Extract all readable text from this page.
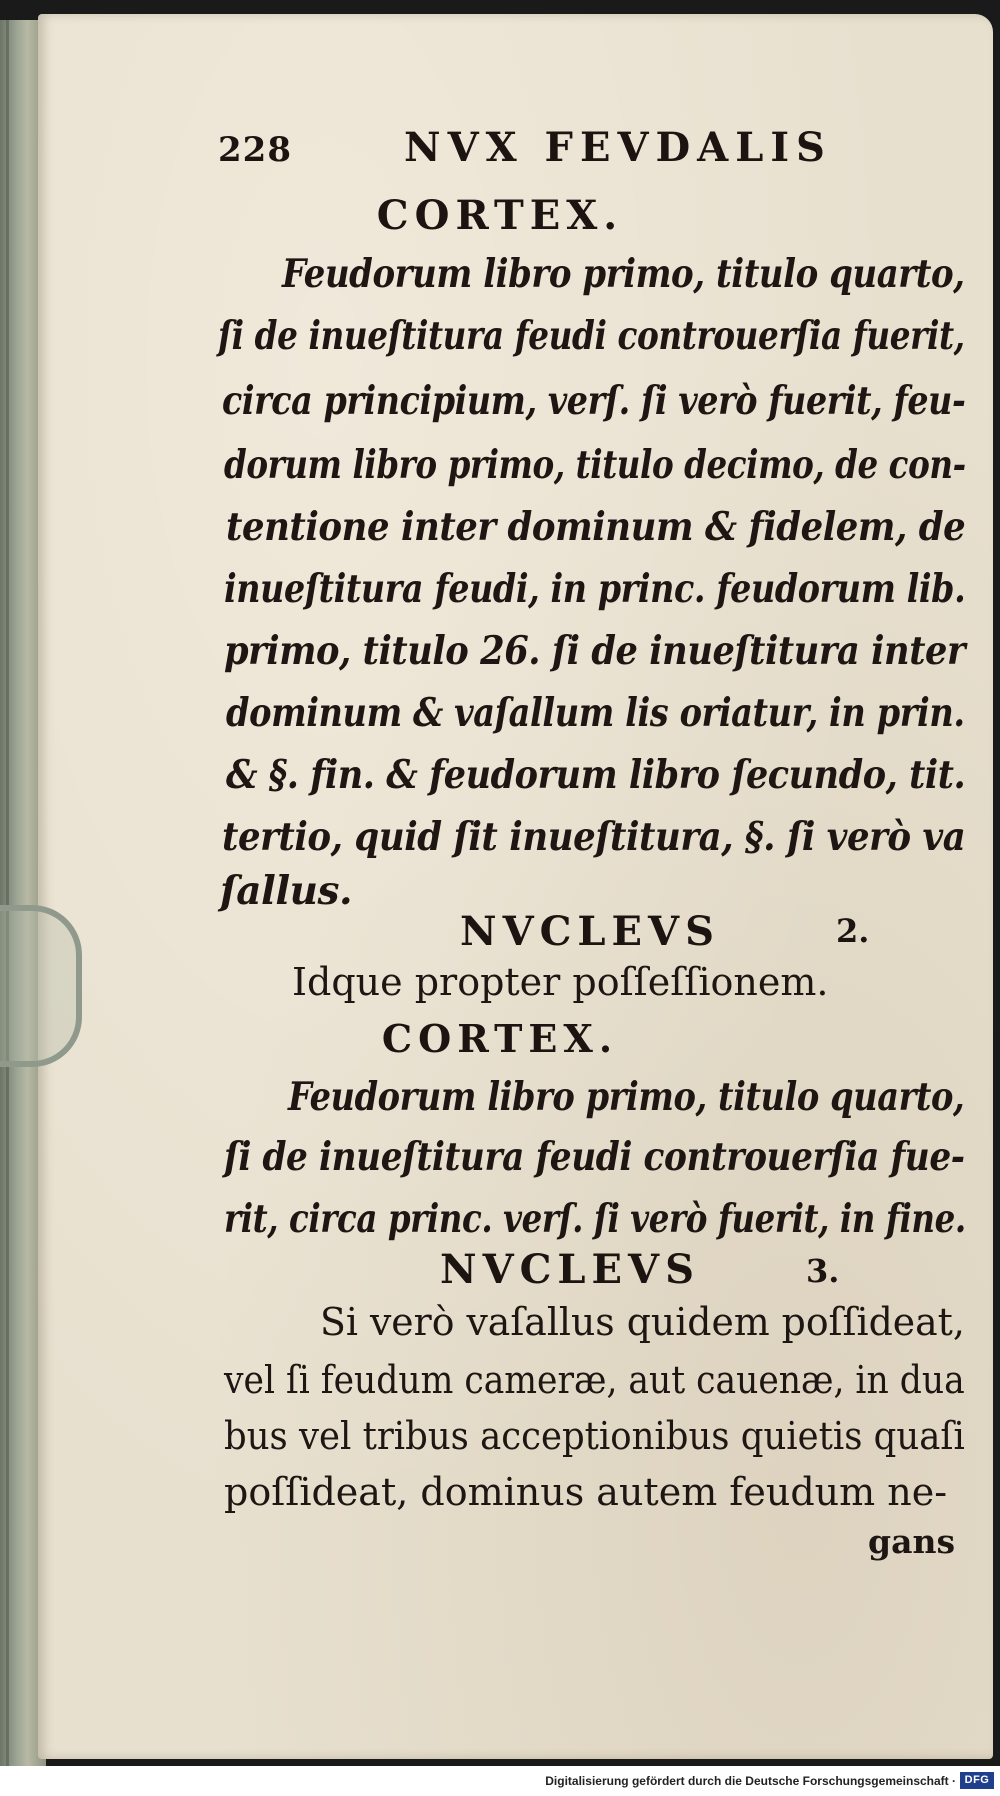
228	NVX FEVDALIS
CORTEX.
Feudorum libro primo, titulo quarto,
ſi de inueſtitura feudi controuerſia fuerit,
circa principium, verſ. ſi verò fuerit, feu-
dorum libro primo, titulo decimo, de con-
tentione inter dominum & fidelem, de
inueſtitura feudi, in princ. feudorum lib.
primo, titulo 26. ſi de inueſtitura inter
dominum & vaſallum lis oriatur, in prin.
& §. fin. & feudorum libro ſecundo, tit.
tertio, quid ſit inueſtitura, §. ſi verò va
ſallus.
NVCLEVS	2.
Idque propter poſſeſſionem.
CORTEX.
Feudorum libro primo, titulo quarto,
ſi de inueſtitura feudi controuerſia fue-
rit, circa princ. verſ. ſi verò fuerit, in fine.
NVCLEVS	3.
Si verò vaſallus quidem poſſideat,
vel ſi feudum cameræ, aut cauenæ, in dua
bus vel tribus acceptionibus quietis quaſi
poſſideat, dominus autem feudum ne-
gans
Digitalisierung gefördert durch die Deutsche Forschungsgemeinschaft · DFG
